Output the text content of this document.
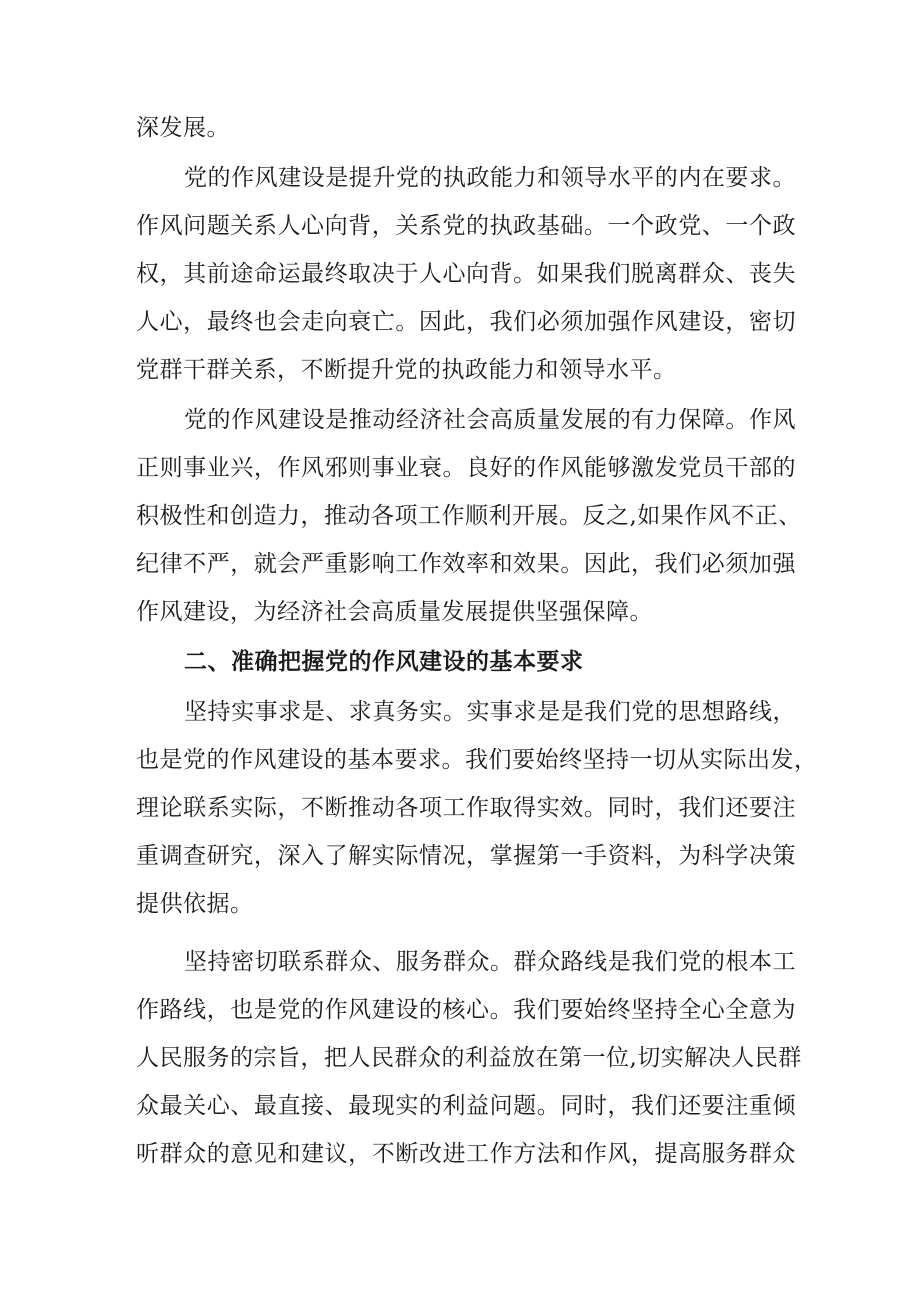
深发展。
党的作风建设是提升党的执政能力和领导水平的内在要求。
作风问题关系人心向背，关系党的执政基础。一个政党、一个政
权，其前途命运最终取决于人心向背。如果我们脱离群众、丧失
人心，最终也会走向衰亡。因此，我们必须加强作风建设，密切
党群干群关系，不断提升党的执政能力和领导水平。
党的作风建设是推动经济社会高质量发展的有力保障。作风
正则事业兴，作风邪则事业衰。良好的作风能够激发党员干部的
积极性和创造力，推动各项工作顺利开展。反之,如果作风不正、
纪律不严，就会严重影响工作效率和效果。因此，我们必须加强
作风建设，为经济社会高质量发展提供坚强保障。
二、准确把握党的作风建设的基本要求
坚持实事求是、求真务实。实事求是是我们党的思想路线，
也是党的作风建设的基本要求。我们要始终坚持一切从实际出发，
理论联系实际，不断推动各项工作取得实效。同时，我们还要注
重调查研究，深入了解实际情况，掌握第一手资料，为科学决策
提供依据。
坚持密切联系群众、服务群众。群众路线是我们党的根本工
作路线，也是党的作风建设的核心。我们要始终坚持全心全意为
人民服务的宗旨，把人民群众的利益放在第一位,切实解决人民群
众最关心、最直接、最现实的利益问题。同时，我们还要注重倾
听群众的意见和建议，不断改进工作方法和作风，提高服务群众
